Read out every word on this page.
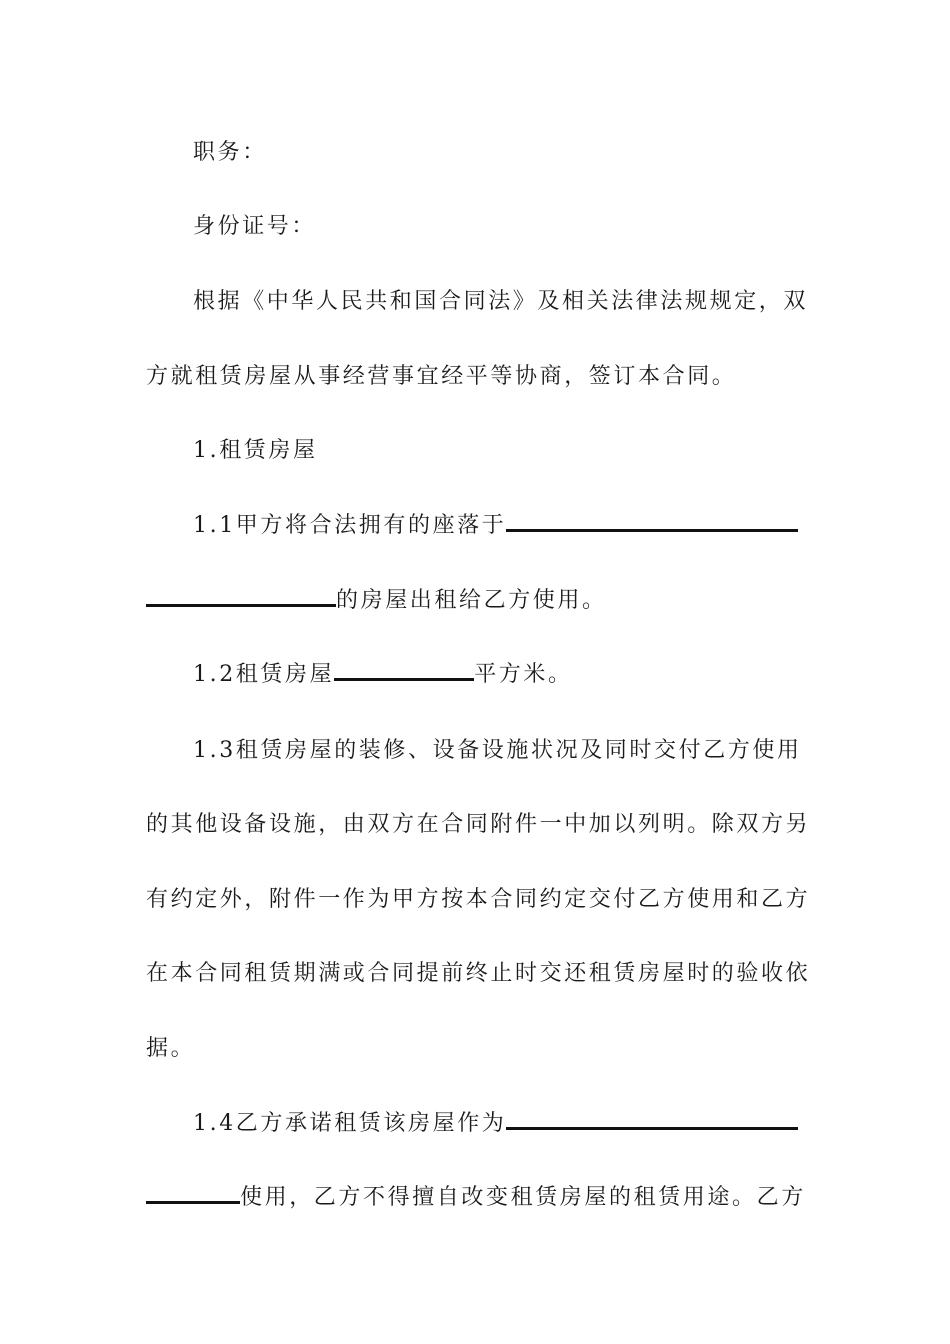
职务：
身份证号：
根据《中华人民共和国合同法》及相关法律法规规定，双
方就租赁房屋从事经营事宜经平等协商，签订本合同。
1.租赁房屋
1.1甲方将合法拥有的座落于
的房屋出租给乙方使用。
1.2租赁房屋	平方米。
1.3租赁房屋的装修、设备设施状况及同时交付乙方使用
的其他设备设施，由双方在合同附件一中加以列明。除双方另
有约定外，附件一作为甲方按本合同约定交付乙方使用和乙方
在本合同租赁期满或合同提前终止时交还租赁房屋时的验收依
据。
1.4乙方承诺租赁该房屋作为
使用，乙方不得擅自改变租赁房屋的租赁用途。乙方
